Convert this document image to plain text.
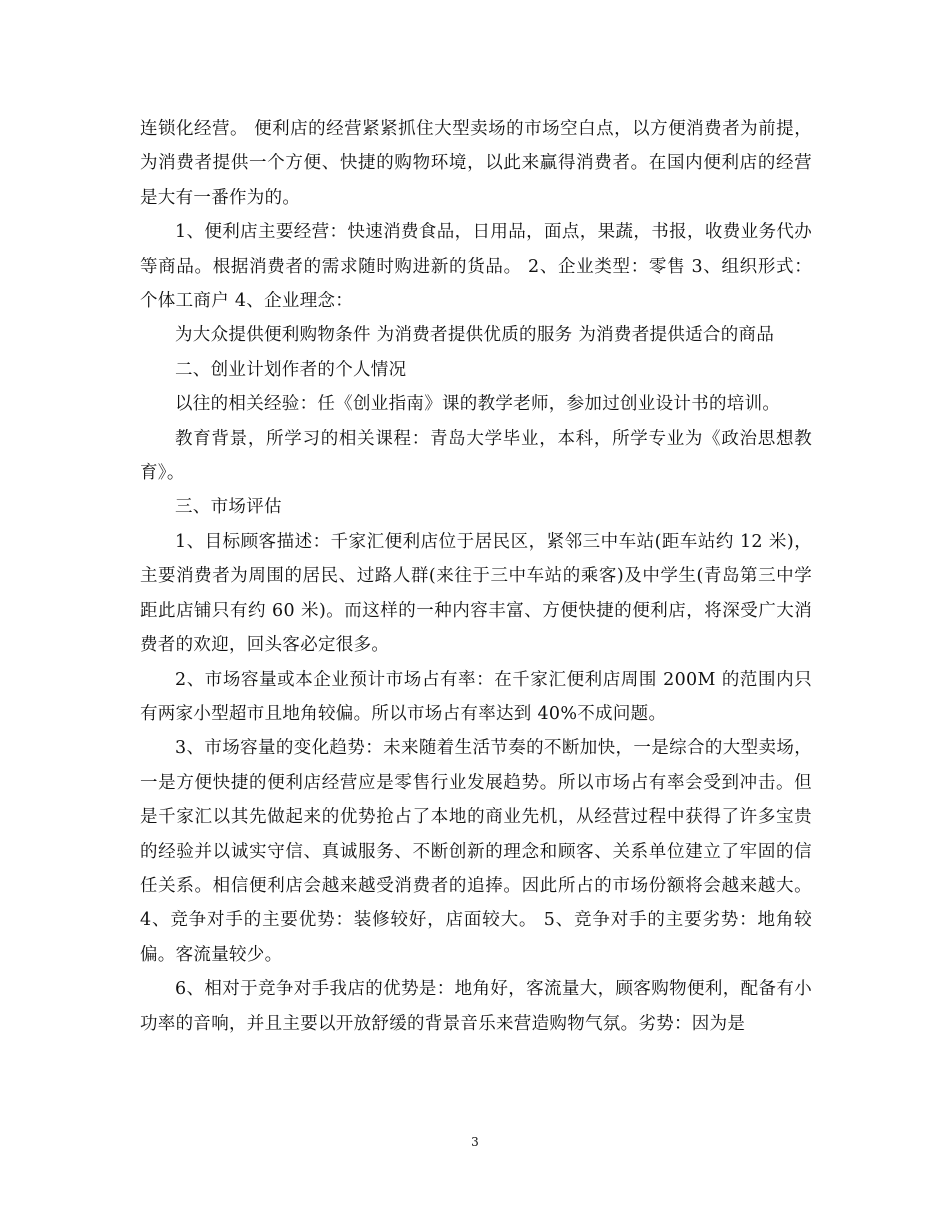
连锁化经营。 便利店的经营紧紧抓住大型卖场的市场空白点，以方便消费者为前提，为消费者提供一个方便、快捷的购物环境，以此来赢得消费者。在国内便利店的经营是大有一番作为的。

1、便利店主要经营：快速消费食品，日用品，面点，果蔬，书报，收费业务代办等商品。根据消费者的需求随时购进新的货品。 2、企业类型：零售 3、组织形式：个体工商户 4、企业理念：

为大众提供便利购物条件 为消费者提供优质的服务 为消费者提供适合的商品

二、创业计划作者的个人情况

以往的相关经验：任《创业指南》课的教学老师，参加过创业设计书的培训。

教育背景，所学习的相关课程：青岛大学毕业，本科，所学专业为《政治思想教育》。

三、市场评估

1、目标顾客描述：千家汇便利店位于居民区，紧邻三中车站(距车站约 12 米)，主要消费者为周围的居民、过路人群(来往于三中车站的乘客)及中学生(青岛第三中学距此店铺只有约 60 米)。而这样的一种内容丰富、方便快捷的便利店，将深受广大消费者的欢迎，回头客必定很多。

2、市场容量或本企业预计市场占有率：在千家汇便利店周围 200M 的范围内只有两家小型超市且地角较偏。所以市场占有率达到 40%不成问题。

3、市场容量的变化趋势：未来随着生活节奏的不断加快，一是综合的大型卖场，一是方便快捷的便利店经营应是零售行业发展趋势。所以市场占有率会受到冲击。但是千家汇以其先做起来的优势抢占了本地的商业先机，从经营过程中获得了许多宝贵的经验并以诚实守信、真诚服务、不断创新的理念和顾客、关系单位建立了牢固的信任关系。相信便利店会越来越受消费者的追捧。因此所占的市场份额将会越来越大。 4、竞争对手的主要优势：装修较好，店面较大。 5、竞争对手的主要劣势：地角较偏。客流量较少。

6、相对于竞争对手我店的优势是：地角好，客流量大，顾客购物便利，配备有小功率的音响，并且主要以开放舒缓的背景音乐来营造购物气氛。劣势：因为是

3
